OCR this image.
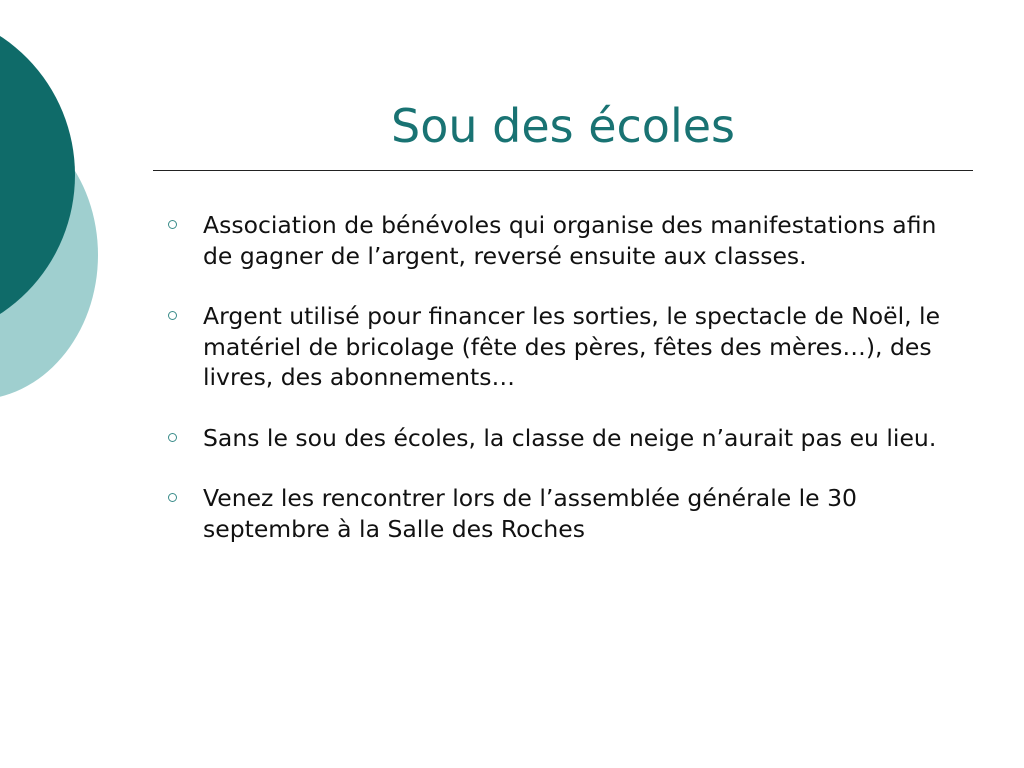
Sou des écoles
Association de bénévoles qui organise des manifestations afin de gagner de l’argent, reversé ensuite aux classes.
Argent utilisé pour financer les sorties, le spectacle de Noël, le matériel de bricolage (fête des pères, fêtes des mères…), des livres, des abonnements…
Sans le sou des écoles, la classe de neige n’aurait pas eu lieu.
Venez les rencontrer lors de l’assemblée générale le 30 septembre à la Salle des Roches
